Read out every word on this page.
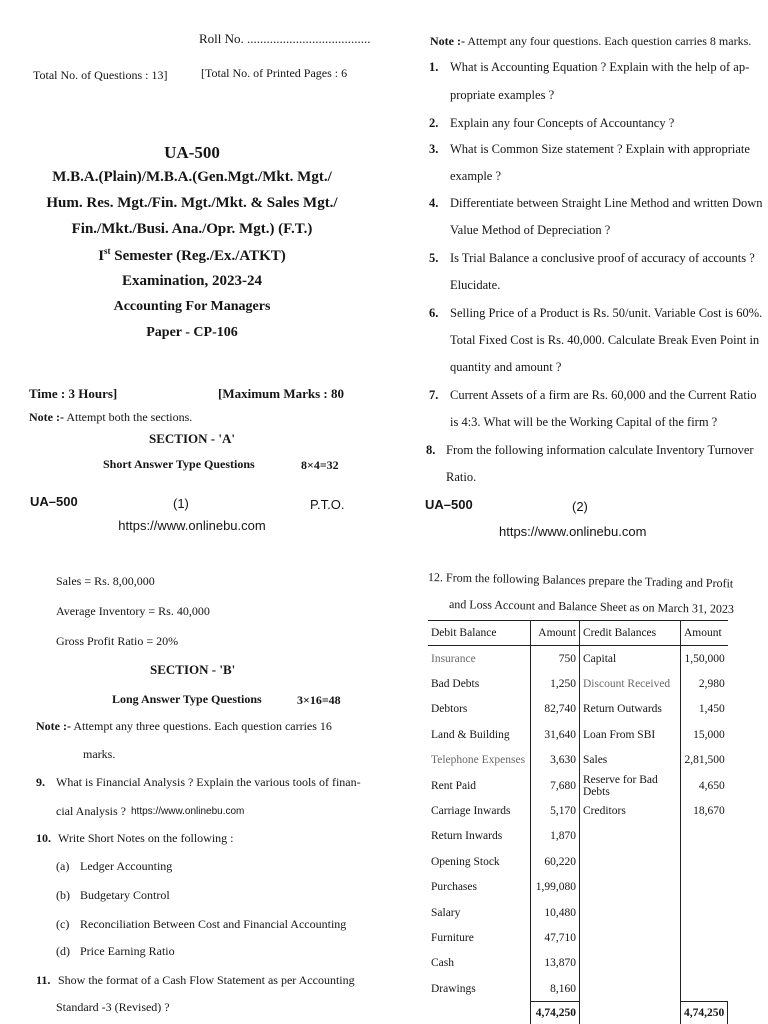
Roll No. ......................................
Total No. of Questions : 13]	[Total No. of Printed Pages : 6
UA-500
M.B.A.(Plain)/M.B.A.(Gen.Mgt./Mkt. Mgt./
Hum. Res. Mgt./Fin. Mgt./Mkt. & Sales Mgt./
Fin./Mkt./Busi. Ana./Opr. Mgt.) (F.T.)
Ist Semester (Reg./Ex./ATKT)
Examination, 2023-24
Accounting For Managers
Paper - CP-106
Time : 3 Hours]	[Maximum Marks : 80
Note :- Attempt both the sections.
SECTION - 'A'
Short Answer Type Questions	8×4=32
UA–500	(1)	P.T.O.
https://www.onlinebu.com
Note :- Attempt any four questions. Each question carries 8 marks.
1. What is Accounting Equation ? Explain with the help of ap-
propriate examples ?
2. Explain any four Concepts of Accountancy ?
3. What is Common Size statement ? Explain with appropriate
example ?
4. Differentiate between Straight Line Method and written Down
Value Method of Depreciation ?
5. Is Trial Balance a conclusive proof of accuracy of accounts ?
Elucidate.
6. Selling Price of a Product is Rs. 50/unit. Variable Cost is 60%.
Total Fixed Cost is Rs. 40,000. Calculate Break Even Point in
quantity and amount ?
7. Current Assets of a firm are Rs. 60,000 and the Current Ratio
is 4:3. What will be the Working Capital of the firm ?
8. From the following information calculate Inventory Turnover
Ratio.
UA–500	(2)
https://www.onlinebu.com
Sales = Rs. 8,00,000
Average Inventory = Rs. 40,000
Gross Profit Ratio = 20%
SECTION - 'B'
Long Answer Type Questions	3×16=48
Note :- Attempt any three questions. Each question carries 16
marks.
9. What is Financial Analysis ? Explain the various tools of finan-
cial Analysis ? https://www.onlinebu.com
10. Write Short Notes on the following :
(a) Ledger Accounting
(b) Budgetary Control
(c) Reconciliation Between Cost and Financial Accounting
(d) Price Earning Ratio
11. Show the format of a Cash Flow Statement as per Accounting
Standard -3 (Revised) ?
12. From the following Balances prepare the Trading and Profit
and Loss Account and Balance Sheet as on March 31, 2023
Debit Balance	Amount	Credit Balances	Amount
Insurance	750	Capital	1,50,000
Bad Debts	1,250	Discount Received	2,980
Debtors	82,740	Return Outwards	1,450
Land & Building	31,640	Loan From SBI	15,000
Telephone Expenses	3,630	Sales	2,81,500
Rent Paid	7,680	Reserve for Bad Debts	4,650
Carriage Inwards	5,170	Creditors	18,670
Return Inwards	1,870		
Opening Stock	60,220		
Purchases	1,99,080		
Salary	10,480		
Furniture	47,710		
Cash	13,870		
Drawings	8,160		
	4,74,250		4,74,250
